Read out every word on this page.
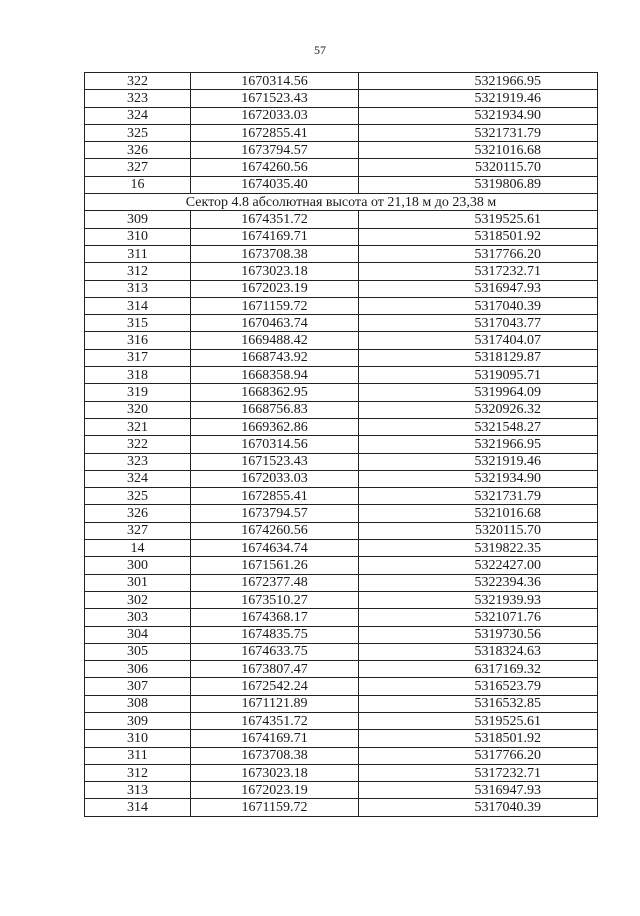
57
322	1670314.56	5321966.95
323	1671523.43	5321919.46
324	1672033.03	5321934.90
325	1672855.41	5321731.79
326	1673794.57	5321016.68
327	1674260.56	5320115.70
16	1674035.40	5319806.89
Сектор 4.8 абсолютная высота от 21,18 м до 23,38 м		
309	1674351.72	5319525.61
310	1674169.71	5318501.92
311	1673708.38	5317766.20
312	1673023.18	5317232.71
313	1672023.19	5316947.93
314	1671159.72	5317040.39
315	1670463.74	5317043.77
316	1669488.42	5317404.07
317	1668743.92	5318129.87
318	1668358.94	5319095.71
319	1668362.95	5319964.09
320	1668756.83	5320926.32
321	1669362.86	5321548.27
322	1670314.56	5321966.95
323	1671523.43	5321919.46
324	1672033.03	5321934.90
325	1672855.41	5321731.79
326	1673794.57	5321016.68
327	1674260.56	5320115.70
14	1674634.74	5319822.35
300	1671561.26	5322427.00
301	1672377.48	5322394.36
302	1673510.27	5321939.93
303	1674368.17	5321071.76
304	1674835.75	5319730.56
305	1674633.75	5318324.63
306	1673807.47	6317169.32
307	1672542.24	5316523.79
308	1671121.89	5316532.85
309	1674351.72	5319525.61
310	1674169.71	5318501.92
311	1673708.38	5317766.20
312	1673023.18	5317232.71
313	1672023.19	5316947.93
314	1671159.72	5317040.39
